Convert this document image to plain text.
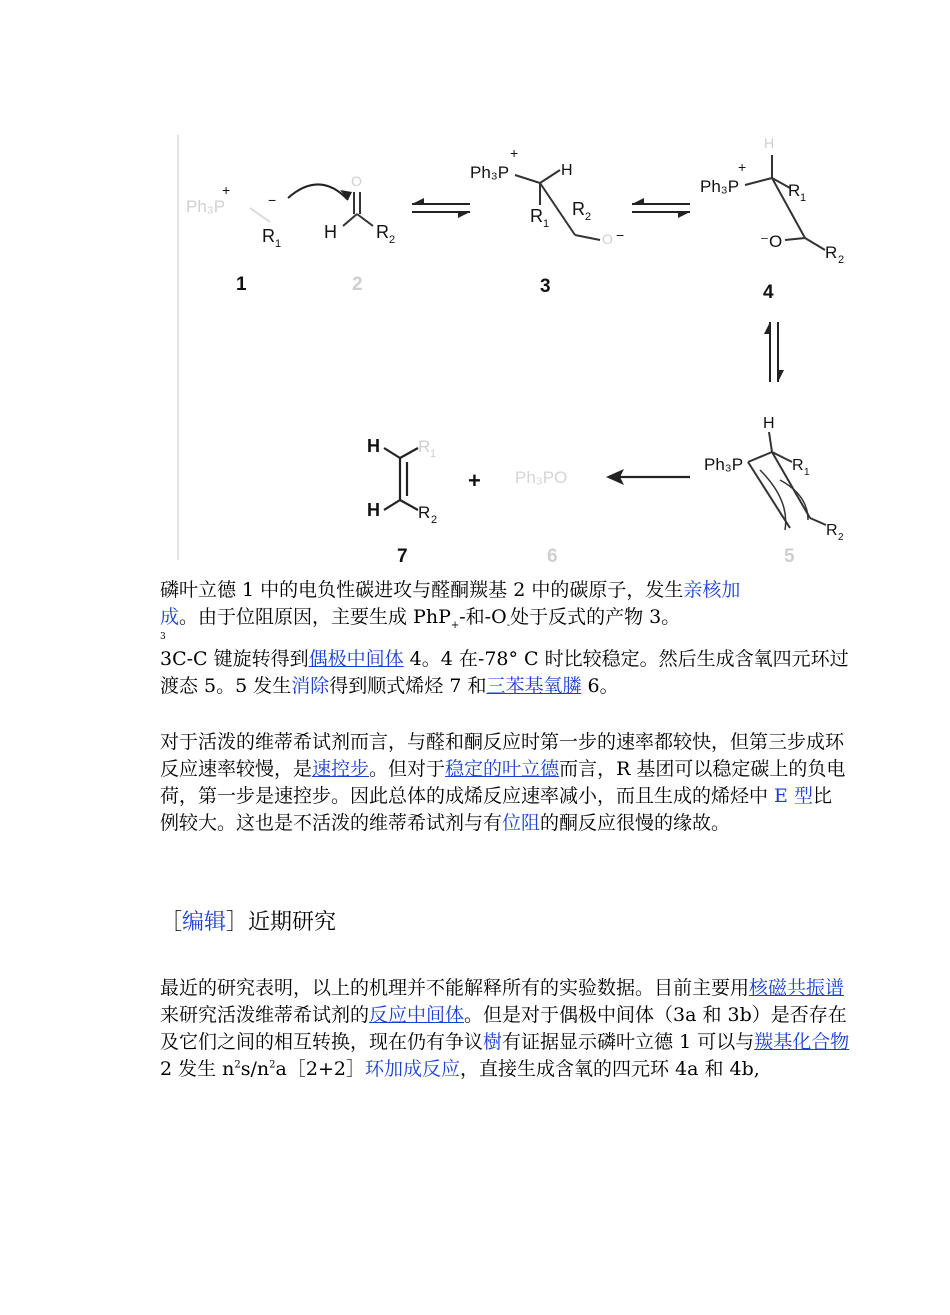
Ph₃P
+
−
R 1
1
O
H R 2
2
Ph₃P
+
H
R 1
R 2
O −
3
Ph₃P
+
H
R 1
⁻O
R 2
4
H
Ph₃P	R 1
R 2
5
Ph₃PO
6
+
H
H
R 1
R 2
7

磷叶立德 1 中的电负性碳进攻与醛酮羰基 2 中的碳原子，发生亲核加
成。由于位阻原因，主要生成 PhP$_+$-和$-O_-$处于反式的产物 3。

3

3C-C 键旋转得到偶极中间体 4。4 在-78° C 时比较稳定。然后生成含氧四元环过渡态 5。5 发生消除得到顺式烯烃 7 和三苯基氧膦 6。

对于活泼的维蒂希试剂而言，与醛和酮反应时第一步的速率都较快，但第三步成环反应速率较慢，是速控步。但对于稳定的叶立德而言，R 基团可以稳定碳上的负电荷，第一步是速控步。因此总体的成烯反应速率减小，而且生成的烯烃中 E 型比例较大。这也是不活泼的维蒂希试剂与有位阻的酮反应很慢的缘故。

［编辑］近期研究

最近的研究表明，以上的机理并不能解释所有的实验数据。目前主要用核磁共振谱来研究活泼维蒂希试剂的反应中间体。但是对于偶极中间体（3a 和 3b）是否存在及它们之间的相互转换，现在仍有争议樹有证据显示磷叶立德 1 可以与羰基化合物 2 发生 $n^2s/n^2a[2+2]$环加成反应，直接生成含氧的四元环 4a 和 4b,
